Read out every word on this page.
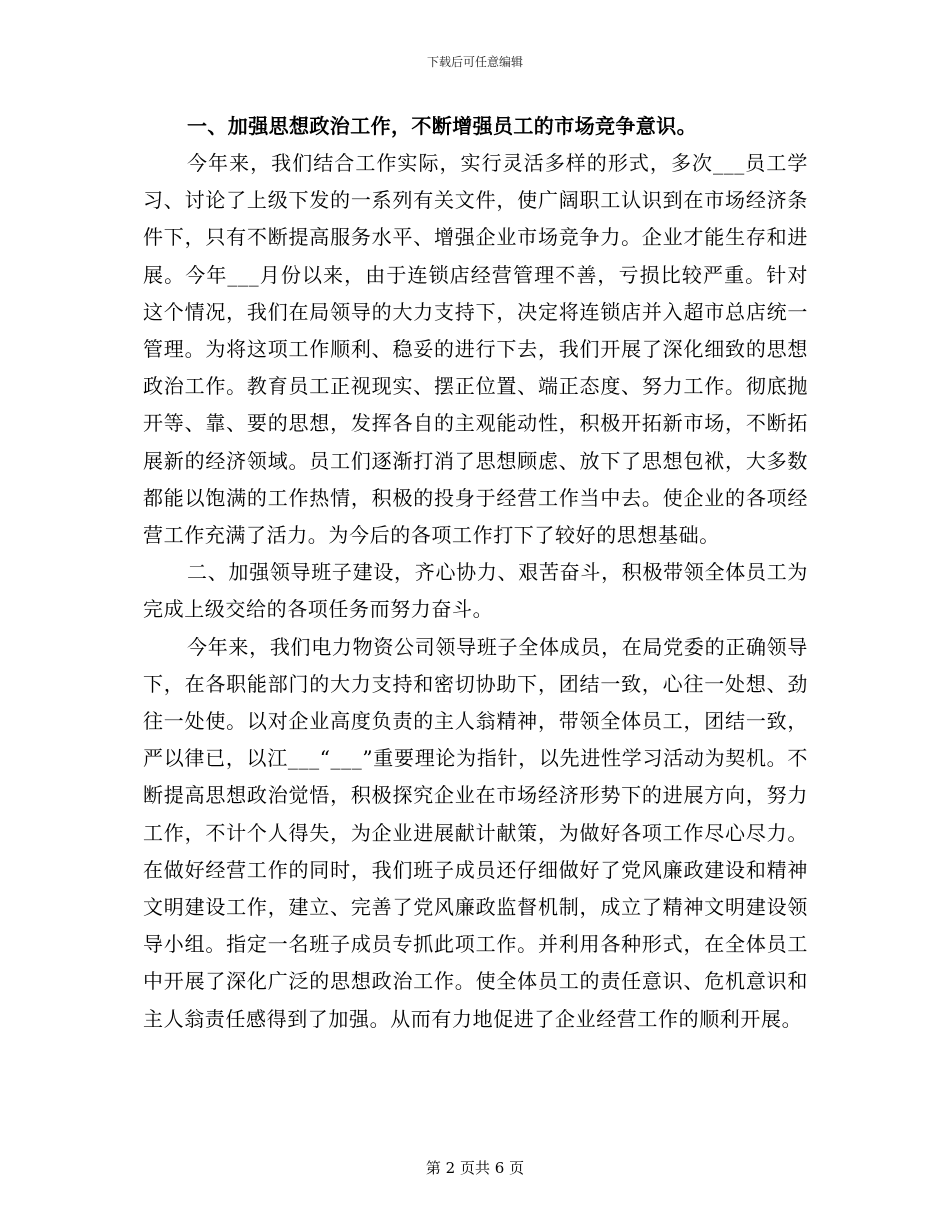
下载后可任意编辑

一、加强思想政治工作，不断增强员工的市场竞争意识。

今年来，我们结合工作实际，实行灵活多样的形式，多次___员工学习、讨论了上级下发的一系列有关文件，使广阔职工认识到在市场经济条件下，只有不断提高服务水平、增强企业市场竞争力。企业才能生存和进展。今年___月份以来，由于连锁店经营管理不善，亏损比较严重。针对这个情况，我们在局领导的大力支持下，决定将连锁店并入超市总店统一管理。为将这项工作顺利、稳妥的进行下去，我们开展了深化细致的思想政治工作。教育员工正视现实、摆正位置、端正态度、努力工作。彻底抛开等、靠、要的思想，发挥各自的主观能动性，积极开拓新市场，不断拓展新的经济领域。员工们逐渐打消了思想顾虑、放下了思想包袱，大多数都能以饱满的工作热情，积极的投身于经营工作当中去。使企业的各项经营工作充满了活力。为今后的各项工作打下了较好的思想基础。

二、加强领导班子建设，齐心协力、艰苦奋斗，积极带领全体员工为完成上级交给的各项任务而努力奋斗。

今年来，我们电力物资公司领导班子全体成员，在局党委的正确领导下，在各职能部门的大力支持和密切协助下，团结一致，心往一处想、劲往一处使。以对企业高度负责的主人翁精神，带领全体员工，团结一致，严以律已，以江___“___”重要理论为指针，以先进性学习活动为契机。不断提高思想政治觉悟，积极探究企业在市场经济形势下的进展方向，努力工作，不计个人得失，为企业进展献计献策，为做好各项工作尽心尽力。在做好经营工作的同时，我们班子成员还仔细做好了党风廉政建设和精神文明建设工作，建立、完善了党风廉政监督机制，成立了精神文明建设领导小组。指定一名班子成员专抓此项工作。并利用各种形式，在全体员工中开展了深化广泛的思想政治工作。使全体员工的责任意识、危机意识和主人翁责任感得到了加强。从而有力地促进了企业经营工作的顺利开展。

第 2 页共 6 页
